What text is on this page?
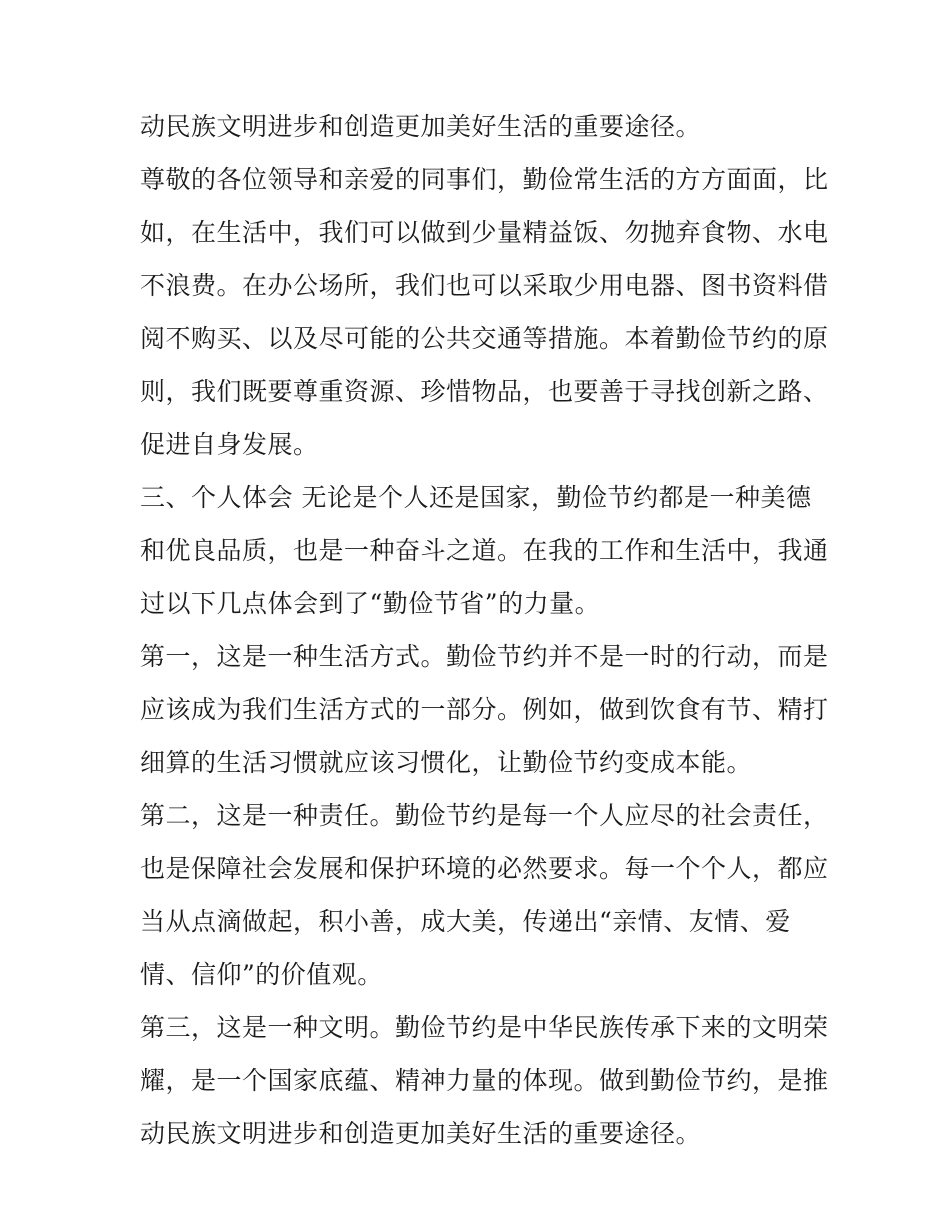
动民族文明进步和创造更加美好生活的重要途径。
尊敬的各位领导和亲爱的同事们，勤俭常生活的方方面面，比
如，在生活中，我们可以做到少量精益饭、勿抛弃食物、水电
不浪费。在办公场所，我们也可以采取少用电器、图书资料借
阅不购买、以及尽可能的公共交通等措施。本着勤俭节约的原
则，我们既要尊重资源、珍惜物品，也要善于寻找创新之路、
促进自身发展。
三、个人体会 无论是个人还是国家，勤俭节约都是一种美德
和优良品质，也是一种奋斗之道。在我的工作和生活中，我通
过以下几点体会到了“勤俭节省”的力量。
第一，这是一种生活方式。勤俭节约并不是一时的行动，而是
应该成为我们生活方式的一部分。例如，做到饮食有节、精打
细算的生活习惯就应该习惯化，让勤俭节约变成本能。
第二，这是一种责任。勤俭节约是每一个人应尽的社会责任，
也是保障社会发展和保护环境的必然要求。每一个个人，都应
当从点滴做起，积小善，成大美，传递出“亲情、友情、爱
情、信仰”的价值观。
第三，这是一种文明。勤俭节约是中华民族传承下来的文明荣
耀，是一个国家底蕴、精神力量的体现。做到勤俭节约，是推
动民族文明进步和创造更加美好生活的重要途径。
